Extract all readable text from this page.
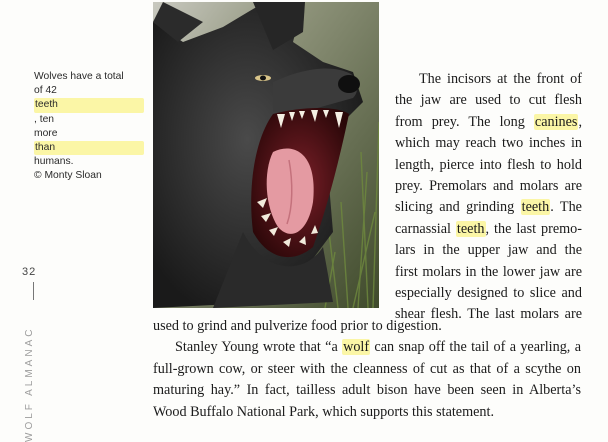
Wolves have a total
of 42
teeth
, ten
more
than
humans.
© Monty Sloan
32
WOLF ALMANAC
The incisors at the front of
the jaw are used to cut flesh
from prey. The long canines,
which may reach two inches in
length, pierce into flesh to hold
prey. Premolars and molars are
slicing and grinding teeth. The
carnassial teeth, the last premo-
lars in the upper jaw and the
first molars in the lower jaw are
especially designed to slice and
shear flesh. The last molars are
used to grind and pulverize food prior to digestion.
Stanley Young wrote that “a wolf can snap off the tail of a yearling, a
full-grown cow, or steer with the cleanness of cut as that of a scythe on
maturing hay.” In fact, tailless adult bison have been seen in Alberta’s
Wood Buffalo National Park, which supports this statement.
